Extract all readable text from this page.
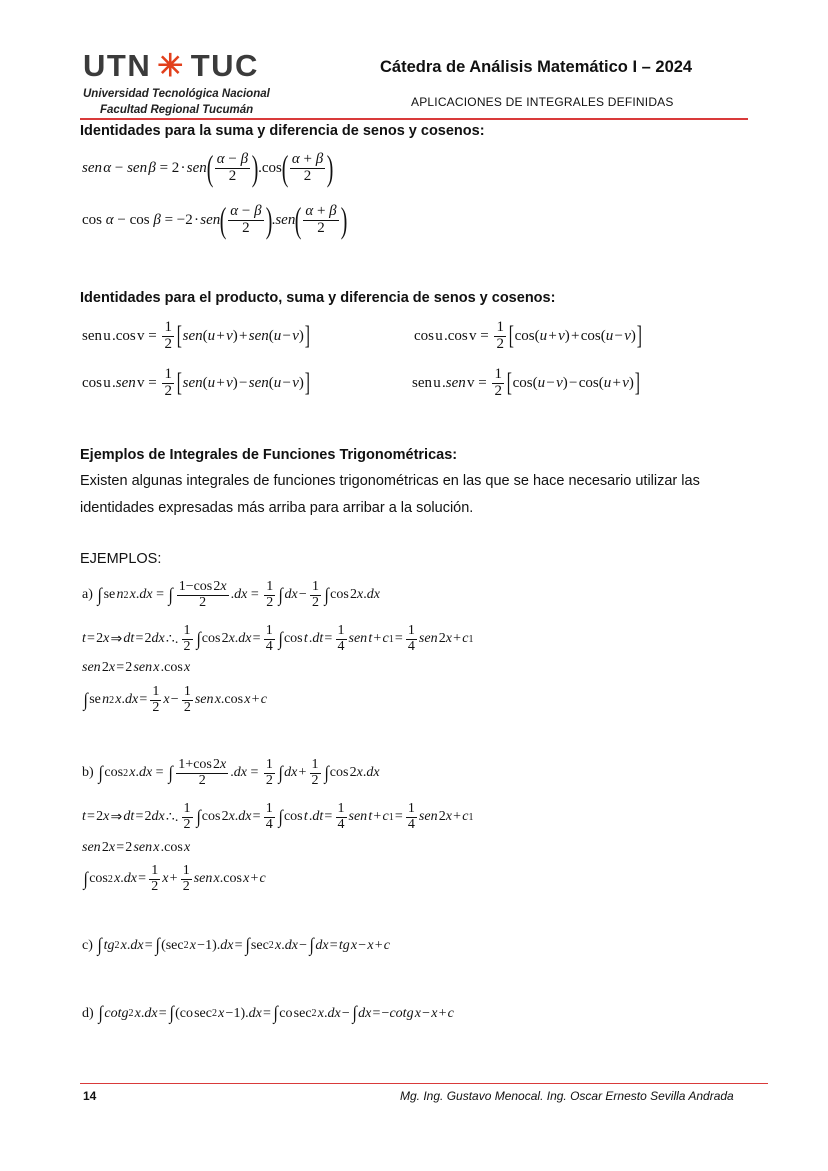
UTN ✳ TUC
Universidad Tecnológica Nacional
Facultad Regional Tucumán
Cátedra de Análisis Matemático I – 2024
APLICACIONES DE INTEGRALES DEFINIDAS
Identidades para la suma y diferencia de senos y cosenos:
sen α − sen β = 2 ·  sen ( $\frac{\alpha - \beta}{2}$ ) .cos ( $\frac{\alpha + \beta}{2}$ )
cos α − cos β = −2 ·  sen ( $\frac{\alpha - \beta}{2}$ ) . sen ( $\frac{\alpha + \beta}{2}$ )
Identidades para el producto, suma y diferencia de senos y cosenos:
sen u .cos $v = \frac{1}{2}$ [ sen ( u  +  v ) +  sen ( u  −  v ) ]	cos u .cos $v = \frac{1}{2}$ [ cos( u  +  v ) + cos( u  −  v ) ]
cos u . sen  $v = \frac{1}{2}$ [ sen ( u  +  v ) −  sen ( u  −  v ) ]	sen u . sen  $v = \frac{1}{2}$ [ cos( u  −  v ) − cos( u  +  v ) ]
Ejemplos de Integrales de Funciones Trigonométricas:
Existen algunas integrales de funciones trigonométricas en las que se hace necesario utilizar las
identidades expresadas más arriba para arribar a la solución.
EJEMPLOS:
a) ∫ se  n 2
  x . dx = ∫ $\frac{1-\cos 2x}{2}$ . dx = $\frac{1}{2}$ ∫ dx  −  $\frac{1}{2}$ ∫ cos 2 x . dx
t  = 2 x  ⇒  dt  = 2 dx  ∴.  $\frac{1}{2}$ ∫ cos 2 x . dx  =  $\frac{1}{4}$ ∫ cos  t  . dt  =  $\frac{1}{4}$ sen t  +  c 1  =  $\frac{1}{4}$ sen  2 x  +  c 1
sen  2 x  = 2  sen x  .cos  x
∫ se  n 2
  x . dx  =  $\frac{1}{2}$ x  −  $\frac{1}{2}$ sen x .cos  x  +  c
b) ∫ cos 2
  x . dx = ∫ $\frac{1+\cos 2x}{2}$ . dx = $\frac{1}{2}$ ∫ dx  +  $\frac{1}{2}$ ∫ cos 2 x . dx
t  = 2 x  ⇒  dt  = 2 dx  ∴.  $\frac{1}{2}$ ∫ cos 2 x . dx  =  $\frac{1}{4}$ ∫ cos  t  . dt  =  $\frac{1}{4}$ sen t  +  c 1  =  $\frac{1}{4}$ sen  2 x  +  c 1
sen  2 x  = 2  sen x  .cos  x
∫ cos 2
  x . dx  =  $\frac{1}{2}$ x  +  $\frac{1}{2}$ sen x .cos  x  +  c
c) ∫ tg 2
  x . dx  =  ∫ (sec 2
  x  −1). dx  =  ∫ sec 2
  x . dx  −  ∫ dx  =  tg x  −  x  +  c
d) ∫ cotg 2
  x . dx  =  ∫ (co sec 2
  x  −1). dx  =  ∫ co sec 2
  x . dx  −  ∫ dx  = − cotg x  −  x  +  c
14	Mg. Ing. Gustavo Menocal. Ing. Oscar Ernesto Sevilla Andrada
